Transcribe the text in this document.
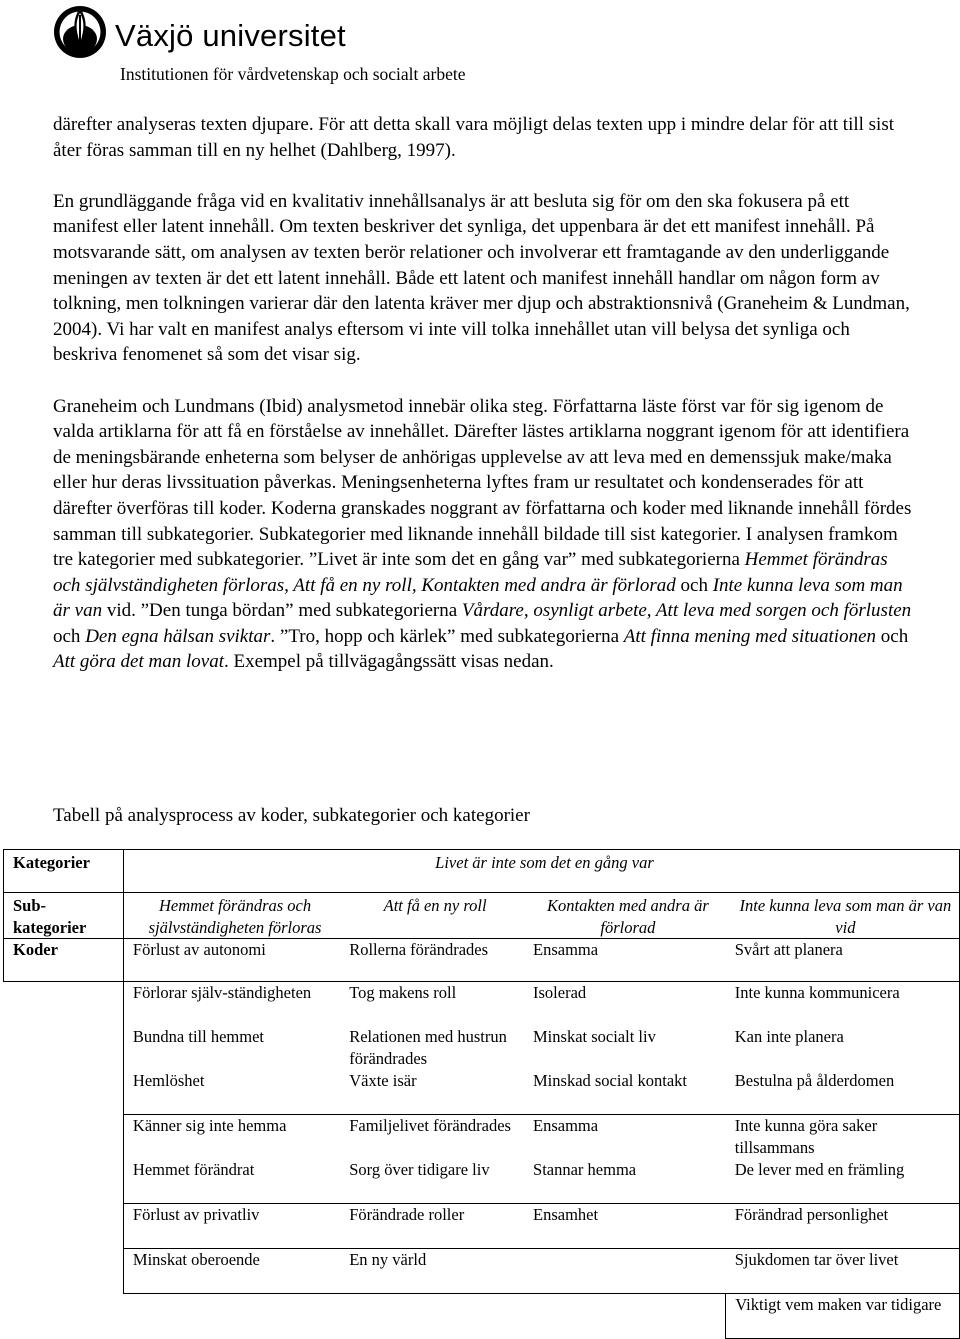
Växjö universitet
Institutionen för vårdvetenskap och socialt arbete

därefter analyseras texten djupare. För att detta skall vara möjligt delas texten upp i mindre delar för att till sist åter föras samman till en ny helhet (Dahlberg, 1997).

En grundläggande fråga vid en kvalitativ innehållsanalys är att besluta sig för om den ska fokusera på ett manifest eller latent innehåll. Om texten beskriver det synliga, det uppenbara är det ett manifest innehåll. På motsvarande sätt, om analysen av texten berör relationer och involverar ett framtagande av den underliggande meningen av texten är det ett latent innehåll. Både ett latent och manifest innehåll handlar om någon form av tolkning, men tolkningen varierar där den latenta kräver mer djup och abstraktionsnivå (Graneheim & Lundman, 2004). Vi har valt en manifest analys eftersom vi inte vill tolka innehållet utan vill belysa det synliga och beskriva fenomenet så som det visar sig.

Graneheim och Lundmans (Ibid) analysmetod innebär olika steg. Författarna läste först var för sig igenom de valda artiklarna för att få en förståelse av innehållet. Därefter lästes artiklarna noggrant igenom för att identifiera de meningsbärande enheterna som belyser de anhörigas upplevelse av att leva med en demenssjuk make/maka eller hur deras livssituation påverkas. Meningsenheterna lyftes fram ur resultatet och kondenserades för att därefter överföras till koder. Koderna granskades noggrant av författarna och koder med liknande innehåll fördes samman till subkategorier. Subkategorier med liknande innehåll bildade till sist kategorier. I analysen framkom tre kategorier med subkategorier. ”Livet är inte som det en gång var” med subkategorierna Hemmet förändras och självständigheten förloras, Att få en ny roll, Kontakten med andra är förlorad och Inte kunna leva som man är van vid. ”Den tunga bördan” med subkategorierna Vårdare, osynligt arbete, Att leva med sorgen och förlusten och Den egna hälsan sviktar. ”Tro, hopp och kärlek” med subkategorierna Att finna mening med situationen och Att göra det man lovat. Exempel på tillvägagångssätt visas nedan.

Tabell på analysprocess av koder, subkategorier och kategorier
Kategorier	Livet är inte som det en gång var			
Sub-
kategorier	Hemmet förändras och självständigheten förloras	Att få en ny roll	Kontakten med andra är förlorad	Inte kunna leva som man är van vid
Koder	Förlust av autonomi	Rollerna förändrades	Ensamma	Svårt att planera
	Förlorar själv-ständigheten	Tog makens roll	Isolerad	Inte kunna kommunicera
	Bundna till hemmet	Relationen med hustrun förändrades	Minskat socialt liv	Kan inte planera
	Hemlöshet	Växte isär	Minskad social kontakt	Bestulna på ålderdomen
	Känner sig inte hemma	Familjelivet förändrades	Ensamma	Inte kunna göra saker tillsammans
	Hemmet förändrat	Sorg över tidigare liv	Stannar hemma	De lever med en främling
	Förlust av privatliv	Förändrade roller	Ensamhet	Förändrad personlighet
	Minskat oberoende	En ny värld		Sjukdomen tar över livet
				Viktigt vem maken var tidigare
